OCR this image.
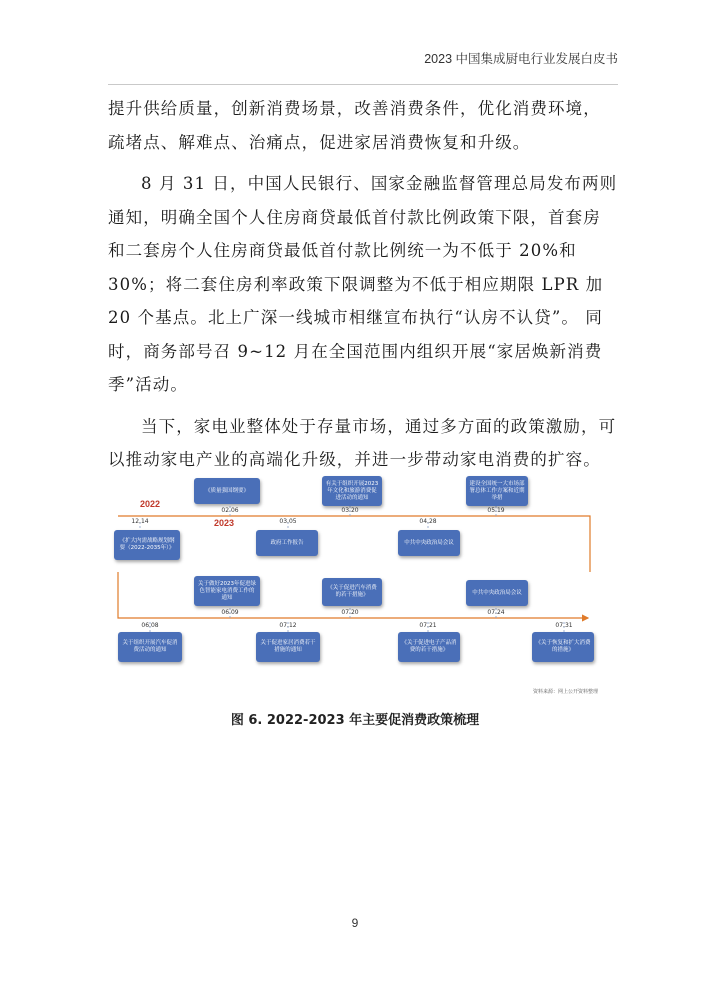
2023 中国集成厨电行业发展白皮书

提升供给质量，创新消费场景，改善消费条件，优化消费环境，疏堵点、解难点、治痛点，促进家居消费恢复和升级。

8 月 31 日，中国人民银行、国家金融监督管理总局发布两则通知，明确全国个人住房商贷最低首付款比例政策下限，首套房和二套房个人住房商贷最低首付款比例统一为不低于 20%和 30%；将二套住房利率政策下限调整为不低于相应期限 LPR 加 20 个基点。北上广深一线城市相继宣布执行“认房不认贷”。 同时，商务部号召 9~12 月在全国范围内组织开展“家居焕新消费季”活动。

当下，家电业整体处于存量市场，通过多方面的政策激励，可以推动家电产业的高端化升级，并进一步带动家电消费的扩容。

2022
2023
《质量强国纲要》
有关于组织开展2023年文化和旅游消费促进活动的通知
建设全国统一大市场部署总体工作方案和近期举措
02.06	03.20	05.19
12.14	03.05	04.28
《扩大内需战略规划纲要（2022-2035年）》
政府工作报告	中共中央政治局会议
关于做好2023年促进绿色智能家电消费工作的通知
《关于促进汽车消费的若干措施》	中共中央政治局会议
06.09	07.20	07.24
06.08	07.12	07.21	07.31
关于组织开展汽车促消费活动的通知
关于促进家居消费若干措施的通知
《关于促进电子产品消费的若干措施》
《关于恢复和扩大消费的措施》
资料来源：网上公开资料整理
图 6. 2022-2023 年主要促消费政策梳理
9
